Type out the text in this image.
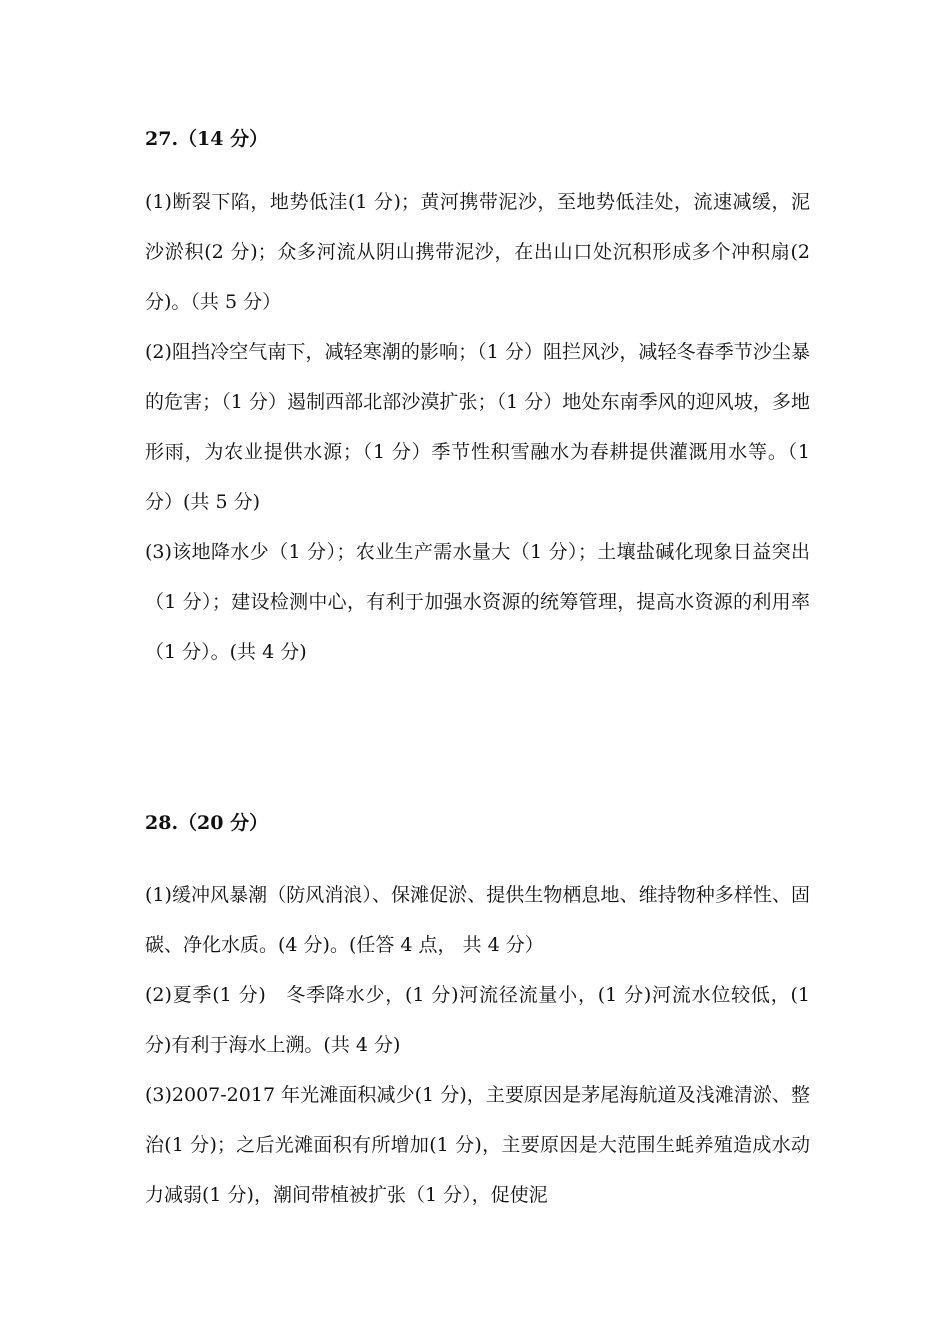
27.（14 分）

(1)断裂下陷，地势低洼(1 分)；黄河携带泥沙，至地势低洼处，流速减缓，泥沙淤积(2 分)；众多河流从阴山携带泥沙，在出山口处沉积形成多个冲积扇(2 分)。（共 5 分）

(2)阻挡冷空气南下，减轻寒潮的影响；（1 分）阻拦风沙，减轻冬春季节沙尘暴的危害；（1 分）遏制西部北部沙漠扩张；（1 分）地处东南季风的迎风坡，多地形雨，为农业提供水源；（1 分）季节性积雪融水为春耕提供灌溉用水等。（1 分）(共 5 分)

(3)该地降水少（1 分）；农业生产需水量大（1 分）；土壤盐碱化现象日益突出（1 分）；建设检测中心，有利于加强水资源的统筹管理，提高水资源的利用率（1 分）。(共 4 分)

28.（20 分）

(1)缓冲风暴潮（防风消浪）、保滩促淤、提供生物栖息地、维持物种多样性、固碳、净化水质。(4 分)。(任答 4 点， 共 4 分）

(2)夏季(1 分)　冬季降水少，(1 分)河流径流量小，(1 分)河流水位较低，(1 分)有利于海水上溯。(共 4 分)

(3)2007-2017 年光滩面积减少(1 分)，主要原因是茅尾海航道及浅滩清淤、整治(1 分)；之后光滩面积有所增加(1 分)，主要原因是大范围生蚝养殖造成水动力减弱(1 分)，潮间带植被扩张（1 分），促使泥
